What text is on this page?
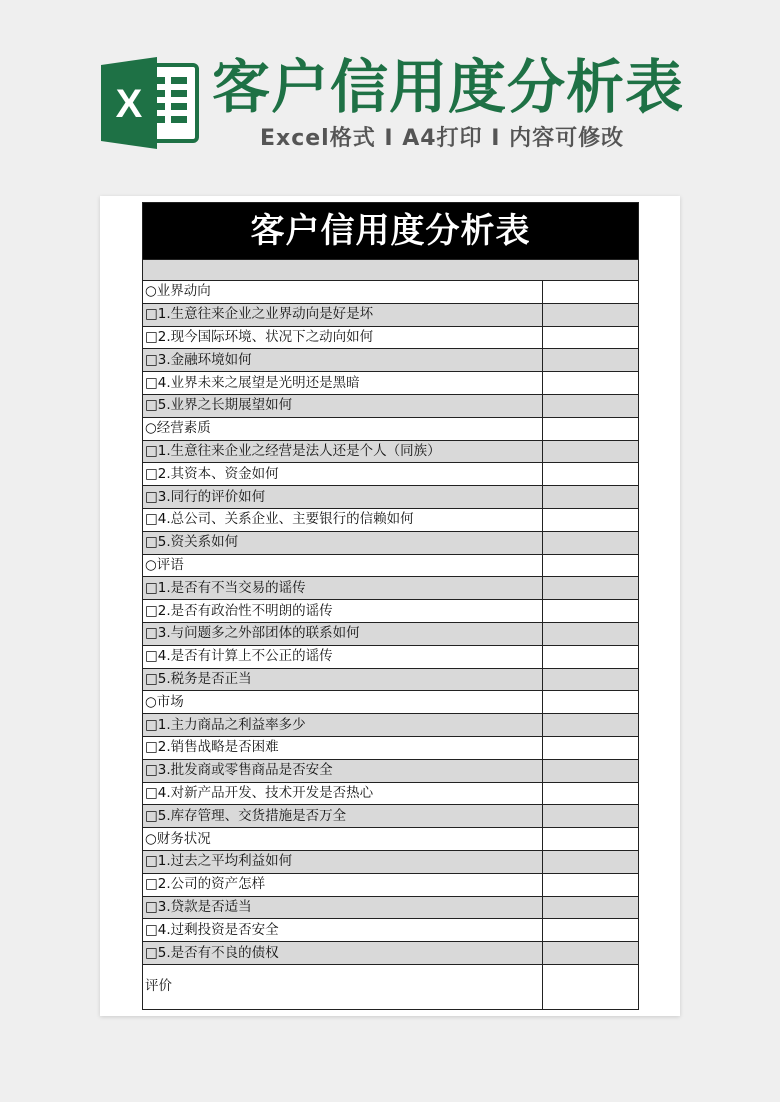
X 客户信用度分析表
Excel格式 I A4打印 I 内容可修改
客户信用度分析表	

○业界动向	
□1.生意往来企业之业界动向是好是坏	
□2.现今国际环境、状况下之动向如何	
□3.金融环境如何	
□4.业界未来之展望是光明还是黑暗	
□5.业界之长期展望如何	
○经营素质	
□1.生意往来企业之经营是法人还是个人（同族）	
□2.其资本、资金如何	
□3.同行的评价如何	
□4.总公司、关系企业、主要银行的信赖如何	
□5.资关系如何	
○评语	
□1.是否有不当交易的谣传	
□2.是否有政治性不明朗的谣传	
□3.与问题多之外部团体的联系如何	
□4.是否有计算上不公正的谣传	
□5.税务是否正当	
○市场	
□1.主力商品之利益率多少	
□2.销售战略是否困难	
□3.批发商或零售商品是否安全	
□4.对新产品开发、技术开发是否热心	
□5.库存管理、交货措施是否万全	
○财务状况	
□1.过去之平均利益如何	
□2.公司的资产怎样	
□3.贷款是否适当	
□4.过剩投资是否安全	
□5.是否有不良的债权	
评价	
